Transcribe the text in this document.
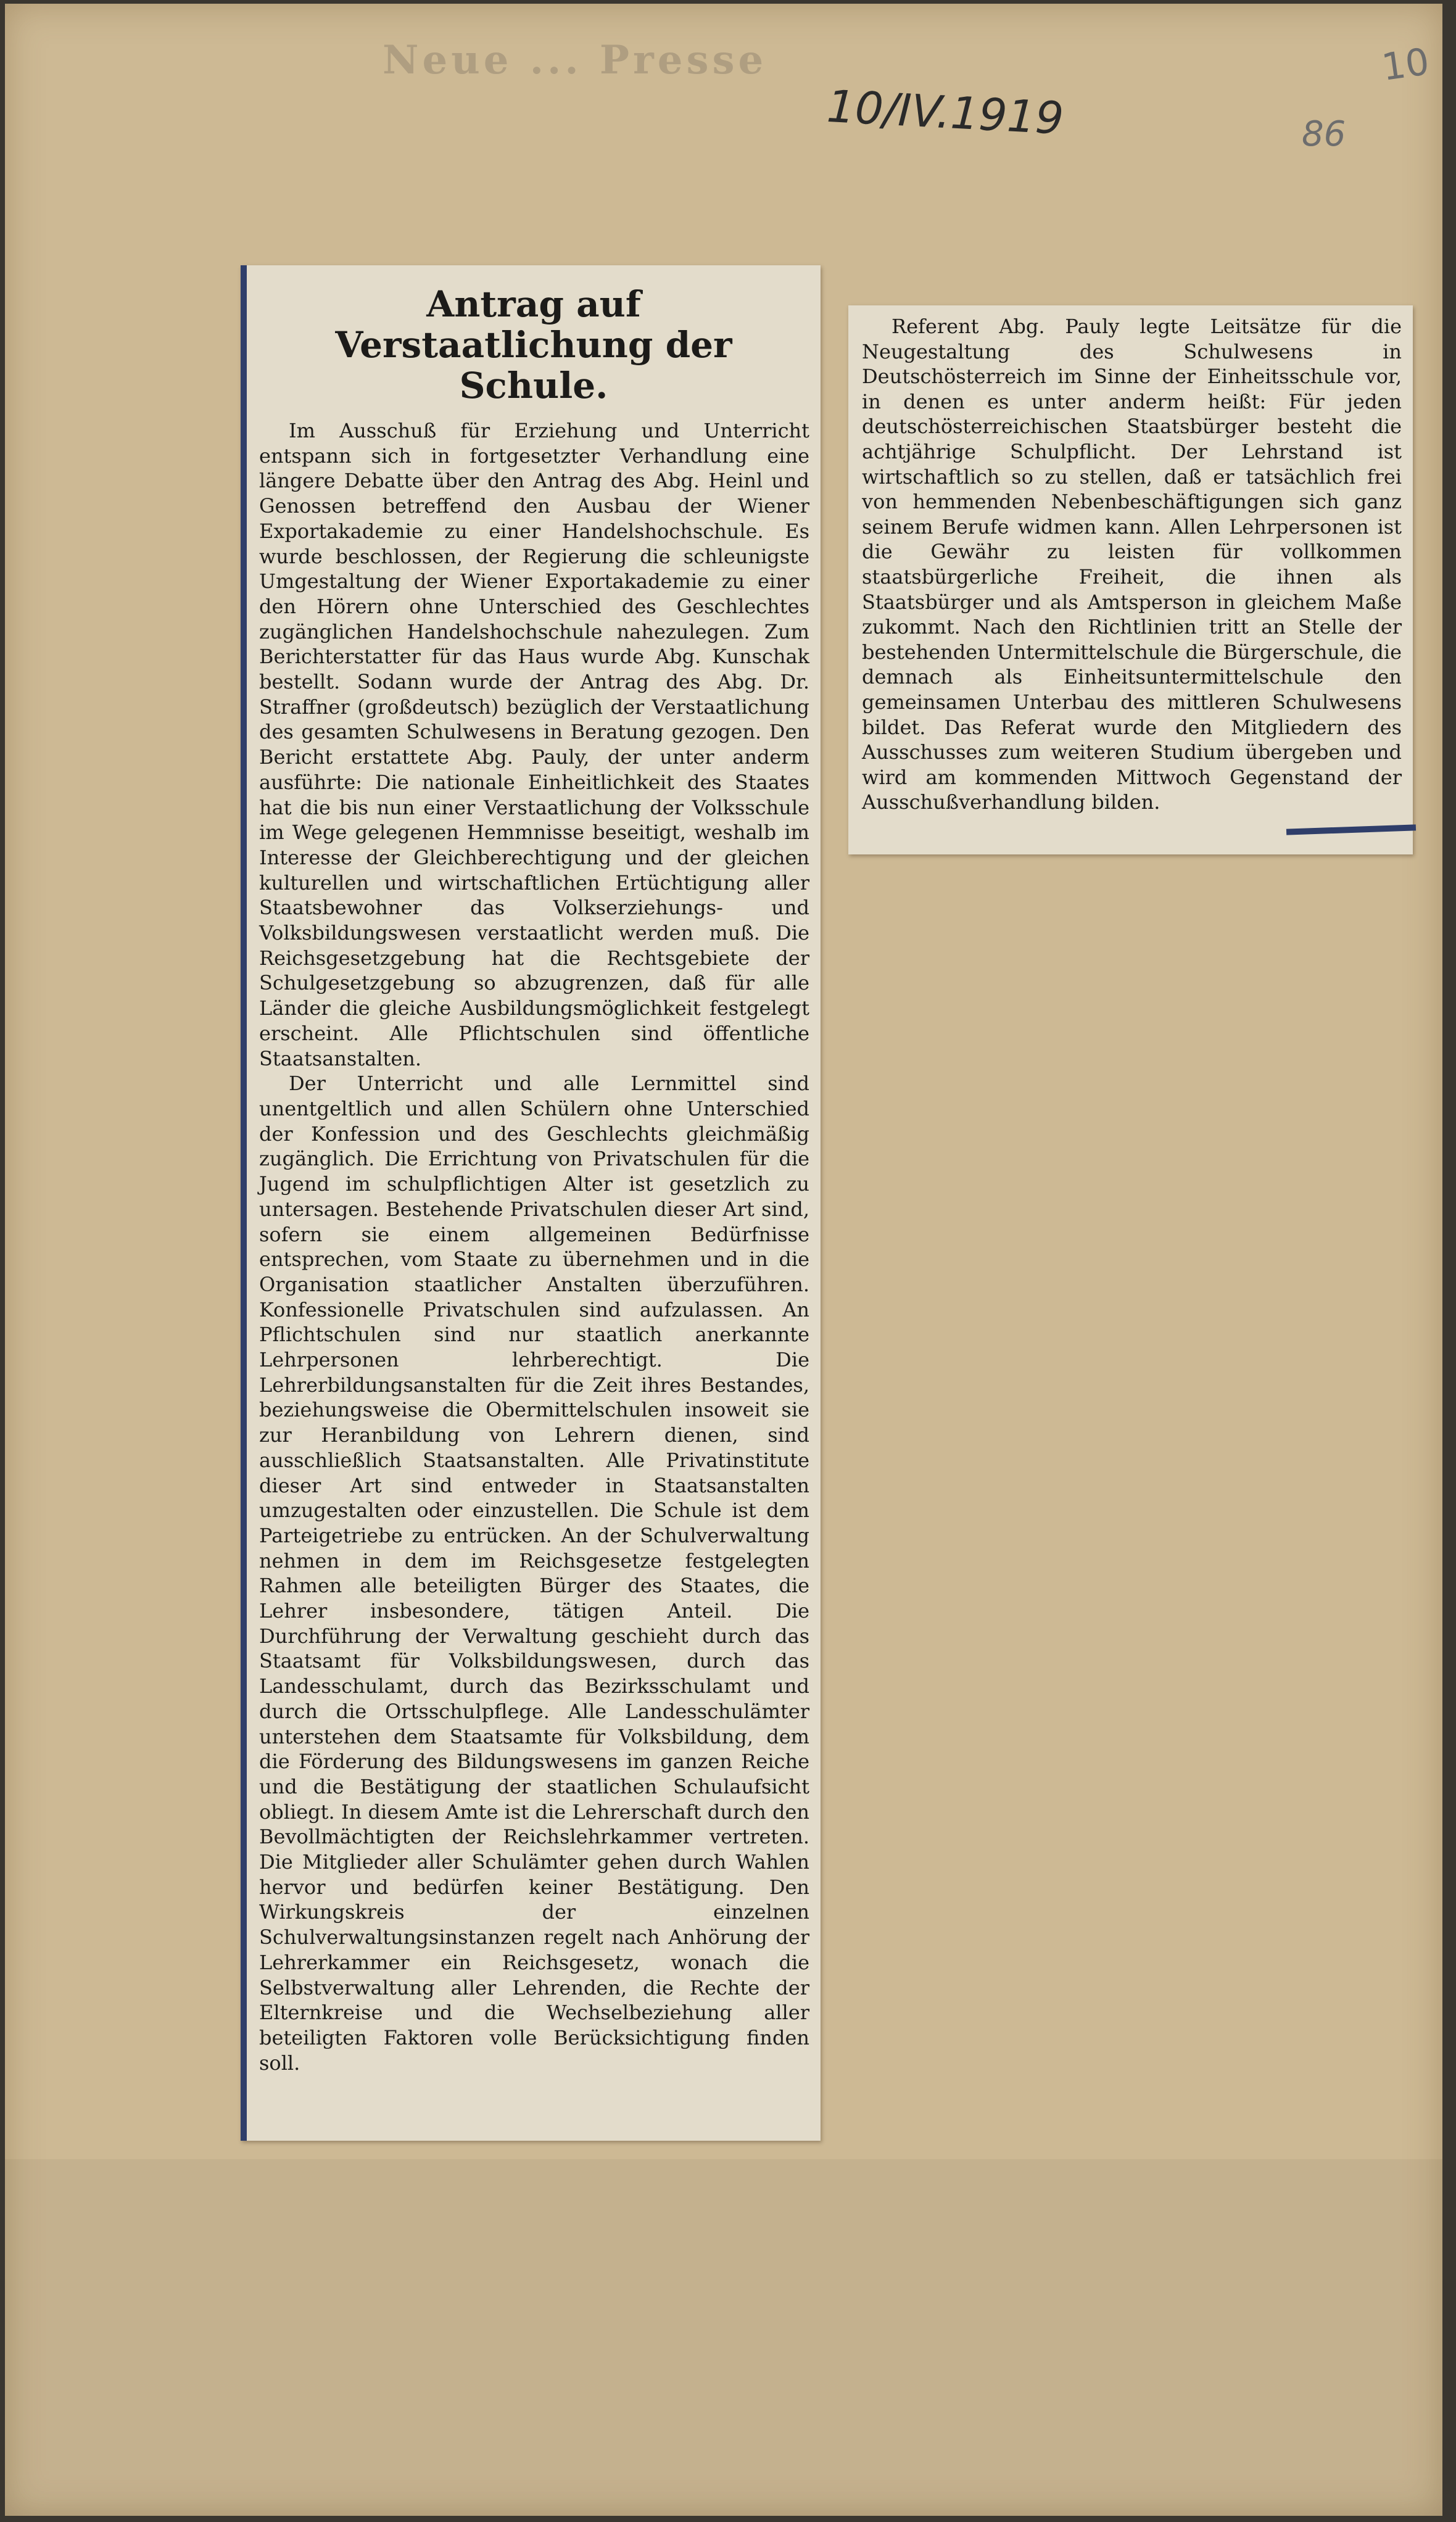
Neue ... Presse
10/IV.1919	86
10
Antrag auf Verstaatlichung der Schule.

Im Ausschuß für Erziehung und Unterricht entspann sich in fortgesetzter Verhandlung eine längere Debatte über den Antrag des Abg. Heinl und Genossen betreffend den Ausbau der Wiener Exportakademie zu einer Handelshochschule. Es wurde beschlossen, der Regierung die schleunigste Umgestaltung der Wiener Exportakademie zu einer den Hörern ohne Unterschied des Geschlechtes zugänglichen Handelshochschule nahezulegen. Zum Berichterstatter für das Haus wurde Abg. Kunschak bestellt. Sodann wurde der Antrag des Abg. Dr. Straffner (großdeutsch) bezüglich der Verstaatlichung des gesamten Schulwesens in Beratung gezogen. Den Bericht erstattete Abg. Pauly, der unter anderm ausführte: Die nationale Einheitlichkeit des Staates hat die bis nun einer Verstaatlichung der Volksschule im Wege gelegenen Hemmnisse beseitigt, weshalb im Interesse der Gleichberechtigung und der gleichen kulturellen und wirtschaftlichen Ertüchtigung aller Staatsbewohner das Volkserziehungs- und Volksbildungswesen verstaatlicht werden muß. Die Reichsgesetzgebung hat die Rechtsgebiete der Schulgesetzgebung so abzugrenzen, daß für alle Länder die gleiche Ausbildungsmöglichkeit festgelegt erscheint. Alle Pflichtschulen sind öffentliche Staatsanstalten.

Der Unterricht und alle Lernmittel sind unentgeltlich und allen Schülern ohne Unterschied der Konfession und des Geschlechts gleichmäßig zugänglich. Die Errichtung von Privatschulen für die Jugend im schulpflichtigen Alter ist gesetzlich zu untersagen. Bestehende Privatschulen dieser Art sind, sofern sie einem allgemeinen Bedürfnisse entsprechen, vom Staate zu übernehmen und in die Organisation staatlicher Anstalten überzuführen. Konfessionelle Privatschulen sind aufzulassen. An Pflichtschulen sind nur staatlich anerkannte Lehrpersonen lehrberechtigt. Die Lehrerbildungsanstalten für die Zeit ihres Bestandes, beziehungsweise die Obermittelschulen insoweit sie zur Heranbildung von Lehrern dienen, sind ausschließlich Staatsanstalten. Alle Privatinstitute dieser Art sind entweder in Staatsanstalten umzugestalten oder einzustellen. Die Schule ist dem Parteigetriebe zu entrücken. An der Schulverwaltung nehmen in dem im Reichsgesetze festgelegten Rahmen alle beteiligten Bürger des Staates, die Lehrer insbesondere, tätigen Anteil. Die Durchführung der Verwaltung geschieht durch das Staatsamt für Volksbildungswesen, durch das Landesschulamt, durch das Bezirksschulamt und durch die Ortsschulpflege. Alle Landesschulämter unterstehen dem Staatsamte für Volksbildung, dem die Förderung des Bildungswesens im ganzen Reiche und die Bestätigung der staatlichen Schulaufsicht obliegt. In diesem Amte ist die Lehrerschaft durch den Bevollmächtigten der Reichslehrkammer vertreten. Die Mitglieder aller Schulämter gehen durch Wahlen hervor und bedürfen keiner Bestätigung. Den Wirkungskreis der einzelnen Schulverwaltungsinstanzen regelt nach Anhörung der Lehrerkammer ein Reichsgesetz, wonach die Selbstverwaltung aller Lehrenden, die Rechte der Elternkreise und die Wechselbeziehung aller beteiligten Faktoren volle Berücksichtigung finden soll.

Referent Abg. Pauly legte Leitsätze für die Neugestaltung des Schulwesens in Deutschösterreich im Sinne der Einheitsschule vor, in denen es unter anderm heißt: Für jeden deutschösterreichischen Staatsbürger besteht die achtjährige Schulpflicht. Der Lehrstand ist wirtschaftlich so zu stellen, daß er tatsächlich frei von hemmenden Nebenbeschäftigungen sich ganz seinem Berufe widmen kann. Allen Lehrpersonen ist die Gewähr zu leisten für vollkommen staatsbürgerliche Freiheit, die ihnen als Staatsbürger und als Amtsperson in gleichem Maße zukommt. Nach den Richtlinien tritt an Stelle der bestehenden Untermittelschule die Bürgerschule, die demnach als Einheitsuntermittelschule den gemeinsamen Unterbau des mittleren Schulwesens bildet. Das Referat wurde den Mitgliedern des Ausschusses zum weiteren Studium übergeben und wird am kommenden Mittwoch Gegenstand der Ausschußverhandlung bilden.
